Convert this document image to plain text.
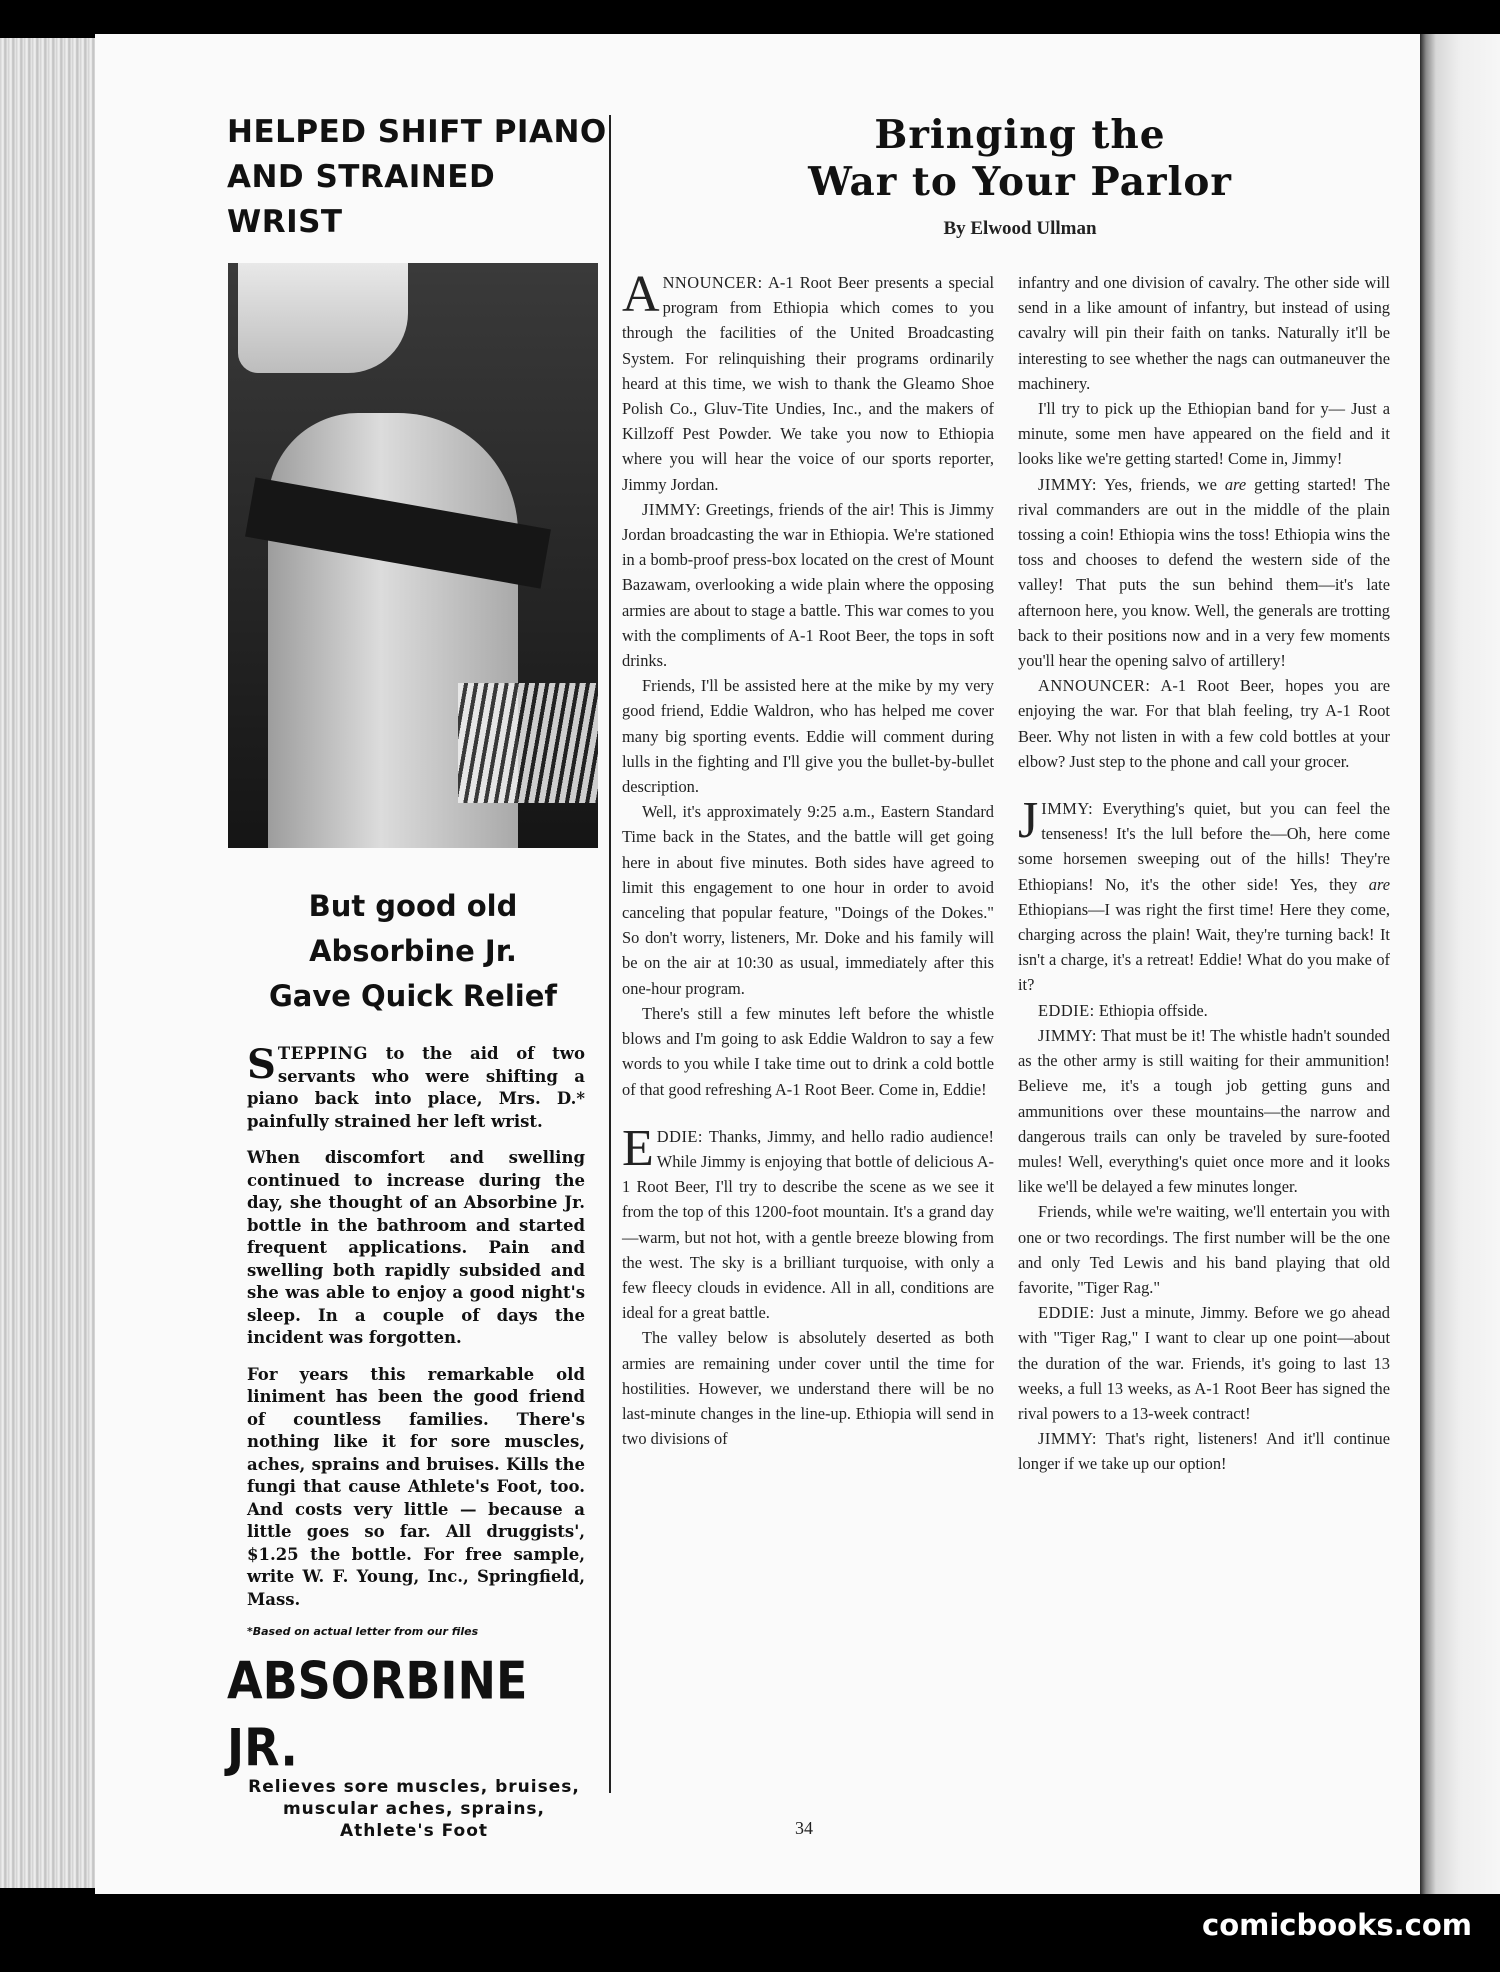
HELPED SHIFT PIANO
AND STRAINED WRIST
But good old
Absorbine Jr.
Gave Quick Relief

STEPPING to the aid of two servants who were shifting a piano back into place, Mrs. D.* painfully strained her left wrist.

When discomfort and swelling continued to increase during the day, she thought of an Absorbine Jr. bottle in the bathroom and started frequent applications. Pain and swelling both rapidly subsided and she was able to enjoy a good night's sleep. In a couple of days the incident was forgotten.

For years this remarkable old liniment has been the good friend of countless families. There's nothing like it for sore muscles, aches, sprains and bruises. Kills the fungi that cause Athlete's Foot, too. And costs very little — because a little goes so far. All druggists', $1.25 the bottle. For free sample, write W. F. Young, Inc., Springfield, Mass.

*Based on actual letter from our files
ABSORBINE JR.
Relieves sore muscles, bruises,
muscular aches, sprains,
Athlete's Foot
Bringing the
War to Your Parlor
By Elwood Ullman

ANNOUNCER: A-1 Root Beer presents a special program from Ethiopia which comes to you through the facilities of the United Broadcasting System. For relinquishing their programs ordinarily heard at this time, we wish to thank the Gleamo Shoe Polish Co., Gluv-Tite Undies, Inc., and the makers of Killzoff Pest Powder. We take you now to Ethiopia where you will hear the voice of our sports reporter, Jimmy Jordan.

JIMMY: Greetings, friends of the air! This is Jimmy Jordan broadcasting the war in Ethiopia. We're stationed in a bomb-proof press-box located on the crest of Mount Bazawam, overlooking a wide plain where the opposing armies are about to stage a battle. This war comes to you with the compliments of A-1 Root Beer, the tops in soft drinks.

Friends, I'll be assisted here at the mike by my very good friend, Eddie Waldron, who has helped me cover many big sporting events. Eddie will comment during lulls in the fighting and I'll give you the bullet-by-bullet description.

Well, it's approximately 9:25 a.m., Eastern Standard Time back in the States, and the battle will get going here in about five minutes. Both sides have agreed to limit this engagement to one hour in order to avoid canceling that popular feature, "Doings of the Dokes." So don't worry, listeners, Mr. Doke and his family will be on the air at 10:30 as usual, immediately after this one-hour program.

There's still a few minutes left before the whistle blows and I'm going to ask Eddie Waldron to say a few words to you while I take time out to drink a cold bottle of that good refreshing A-1 Root Beer. Come in, Eddie!

EDDIE: Thanks, Jimmy, and hello radio audience! While Jimmy is enjoying that bottle of delicious A-1 Root Beer, I'll try to describe the scene as we see it from the top of this 1200-foot mountain. It's a grand day—warm, but not hot, with a gentle breeze blowing from the west. The sky is a brilliant turquoise, with only a few fleecy clouds in evidence. All in all, conditions are ideal for a great battle.

The valley below is absolutely deserted as both armies are remaining under cover until the time for hostilities. However, we understand there will be no last-minute changes in the line-up. Ethiopia will send in two divisions of

infantry and one division of cavalry. The other side will send in a like amount of infantry, but instead of using cavalry will pin their faith on tanks. Naturally it'll be interesting to see whether the nags can outmaneuver the machinery.

I'll try to pick up the Ethiopian band for y— Just a minute, some men have appeared on the field and it looks like we're getting started! Come in, Jimmy!

JIMMY: Yes, friends, we are getting started! The rival commanders are out in the middle of the plain tossing a coin! Ethiopia wins the toss! Ethiopia wins the toss and chooses to defend the western side of the valley! That puts the sun behind them—it's late afternoon here, you know. Well, the generals are trotting back to their positions now and in a very few moments you'll hear the opening salvo of artillery!

ANNOUNCER: A-1 Root Beer, hopes you are enjoying the war. For that blah feeling, try A-1 Root Beer. Why not listen in with a few cold bottles at your elbow? Just step to the phone and call your grocer.

JIMMY: Everything's quiet, but you can feel the tenseness! It's the lull before the—Oh, here come some horsemen sweeping out of the hills! They're Ethiopians! No, it's the other side! Yes, they are Ethiopians—I was right the first time! Here they come, charging across the plain! Wait, they're turning back! It isn't a charge, it's a retreat! Eddie! What do you make of it?

EDDIE: Ethiopia offside.

JIMMY: That must be it! The whistle hadn't sounded as the other army is still waiting for their ammunition! Believe me, it's a tough job getting guns and ammunitions over these mountains—the narrow and dangerous trails can only be traveled by sure-footed mules! Well, everything's quiet once more and it looks like we'll be delayed a few minutes longer.

Friends, while we're waiting, we'll entertain you with one or two recordings. The first number will be the one and only Ted Lewis and his band playing that old favorite, "Tiger Rag."

EDDIE: Just a minute, Jimmy. Before we go ahead with "Tiger Rag," I want to clear up one point—about the duration of the war. Friends, it's going to last 13 weeks, a full 13 weeks, as A-1 Root Beer has signed the rival powers to a 13-week contract!

JIMMY: That's right, listeners! And it'll continue longer if we take up our option!

34
comicbooks.com
